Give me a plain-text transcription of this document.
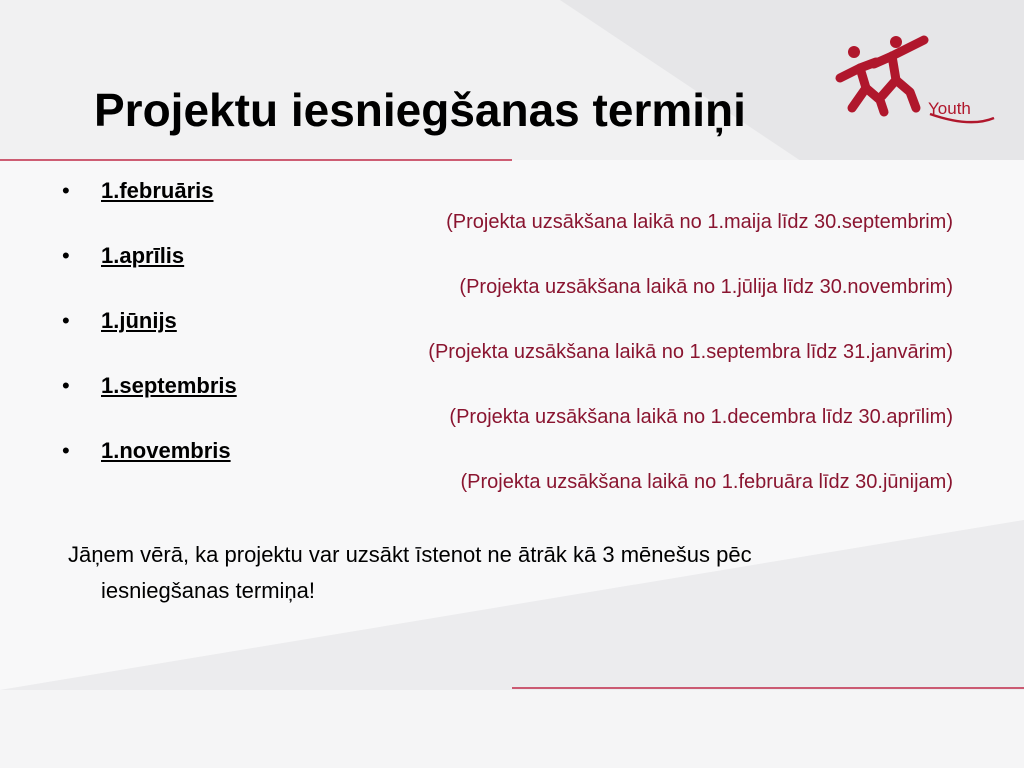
Projektu iesniegšanas termiņi	Youth
• 1.februāris
(Projekta uzsākšana laikā no 1.maija līdz 30.septembrim)
• 1.aprīlis
(Projekta uzsākšana laikā no 1.jūlija līdz 30.novembrim)
• 1.jūnijs
(Projekta uzsākšana laikā no 1.septembra līdz 31.janvārim)
• 1.septembris
(Projekta uzsākšana laikā no 1.decembra līdz 30.aprīlim)
• 1.novembris
(Projekta uzsākšana laikā no 1.februāra līdz 30.jūnijam)

Jāņem vērā, ka projektu var uzsākt īstenot ne ātrāk kā 3 mēnešus pēc
iesniegšanas termiņa!
